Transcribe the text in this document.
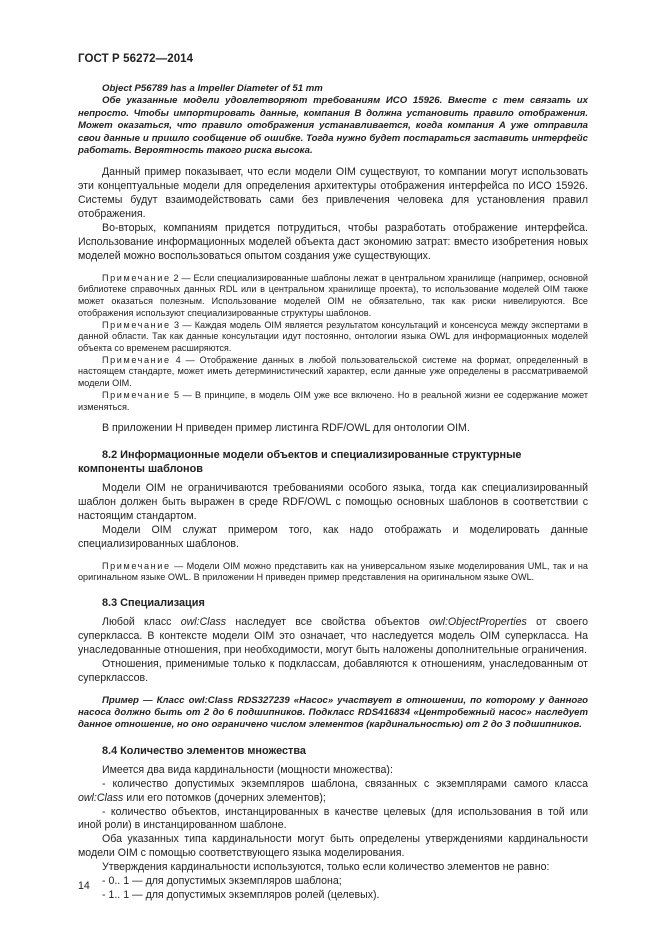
ГОСТ Р 56272—2014

Object P56789 has a Impeller Diameter of 51 mm

Обе указанные модели удовлетворяют требованиям ИСО 15926. Вместе с тем связать их непросто. Чтобы импортировать данные, компания В должна установить правило отображения. Может оказаться, что правило отображения устанавливается, когда компания А уже отправила свои данные и пришло сообщение об ошибке. Тогда нужно будет постараться заставить интерфейс работать. Вероятность такого риска высока.

Данный пример показывает, что если модели OIM существуют, то компании могут использовать эти концептуальные модели для определения архитектуры отображения интерфейса по ИСО 15926. Системы будут взаимодействовать сами без привлечения человека для установления правил отображения.

Во-вторых, компаниям придется потрудиться, чтобы разработать отображение интерфейса. Использование информационных моделей объекта даст экономию затрат: вместо изобретения новых моделей можно воспользоваться опытом создания уже существующих.

Примечание 2 — Если специализированные шаблоны лежат в центральном хранилище (например, основной библиотеке справочных данных RDL или в центральном хранилище проекта), то использование моделей OIM также может оказаться полезным. Использование моделей OIM не обязательно, так как риски нивелируются. Все отображения используют специализированные структуры шаблонов.

Примечание 3 — Каждая модель OIM является результатом консультаций и консенсуса между экспертами в данной области. Так как данные консультации идут постоянно, онтологии языка OWL для информационных моделей объекта со временем расширяются.

Примечание 4 — Отображение данных в любой пользовательской системе на формат, определенный в настоящем стандарте, может иметь детерминистический характер, если данные уже определены в рассматриваемой модели OIM.

Примечание 5 — В принципе, в модель OIM уже все включено. Но в реальной жизни ее содержание может изменяться.

В приложении Н приведен пример листинга RDF/OWL для онтологии OIM.

8.2 Информационные модели объектов и специализированные структурные компоненты шаблонов

Модели OIM не ограничиваются требованиями особого языка, тогда как специализированный шаблон должен быть выражен в среде RDF/OWL с помощью основных шаблонов в соответствии с настоящим стандартом.

Модели OIM служат примером того, как надо отображать и моделировать данные специализированных шаблонов.

Примечание — Модели OIM можно представить как на универсальном языке моделирования UML, так и на оригинальном языке OWL. В приложении Н приведен пример представления на оригинальном языке OWL.

8.3 Специализация

Любой класс owl:Class наследует все свойства объектов owl:ObjectProperties от своего суперкласса. В контексте модели OIM это означает, что наследуется модель OIM суперкласса. На унаследованные отношения, при необходимости, могут быть наложены дополнительные ограничения.

Отношения, применимые только к подклассам, добавляются к отношениям, унаследованным от суперклассов.

Пример — Класс owl:Class RDS327239 «Насос» участвует в отношении, по которому у данного насоса должно быть от 2 до 6 подшипников. Подкласс RDS416834 «Центробежный насос» наследует данное отношение, но оно ограничено числом элементов (кардинальностью) от 2 до 3 подшипников.

8.4 Количество элементов множества

Имеется два вида кардинальности (мощности множества):

- количество допустимых экземпляров шаблона, связанных с экземплярами самого класса owl:Class или его потомков (дочерних элементов);

- количество объектов, инстанцированных в качестве целевых (для использования в той или иной роли) в инстанцированном шаблоне.

Оба указанных типа кардинальности могут быть определены утверждениями кардинальности модели OIM с помощью соответствующего языка моделирования.

Утверждения кардинальности используются, только если количество элементов не равно:

- 0.. 1 — для допустимых экземпляров шаблона;

- 1.. 1 — для допустимых экземпляров ролей (целевых).

14
